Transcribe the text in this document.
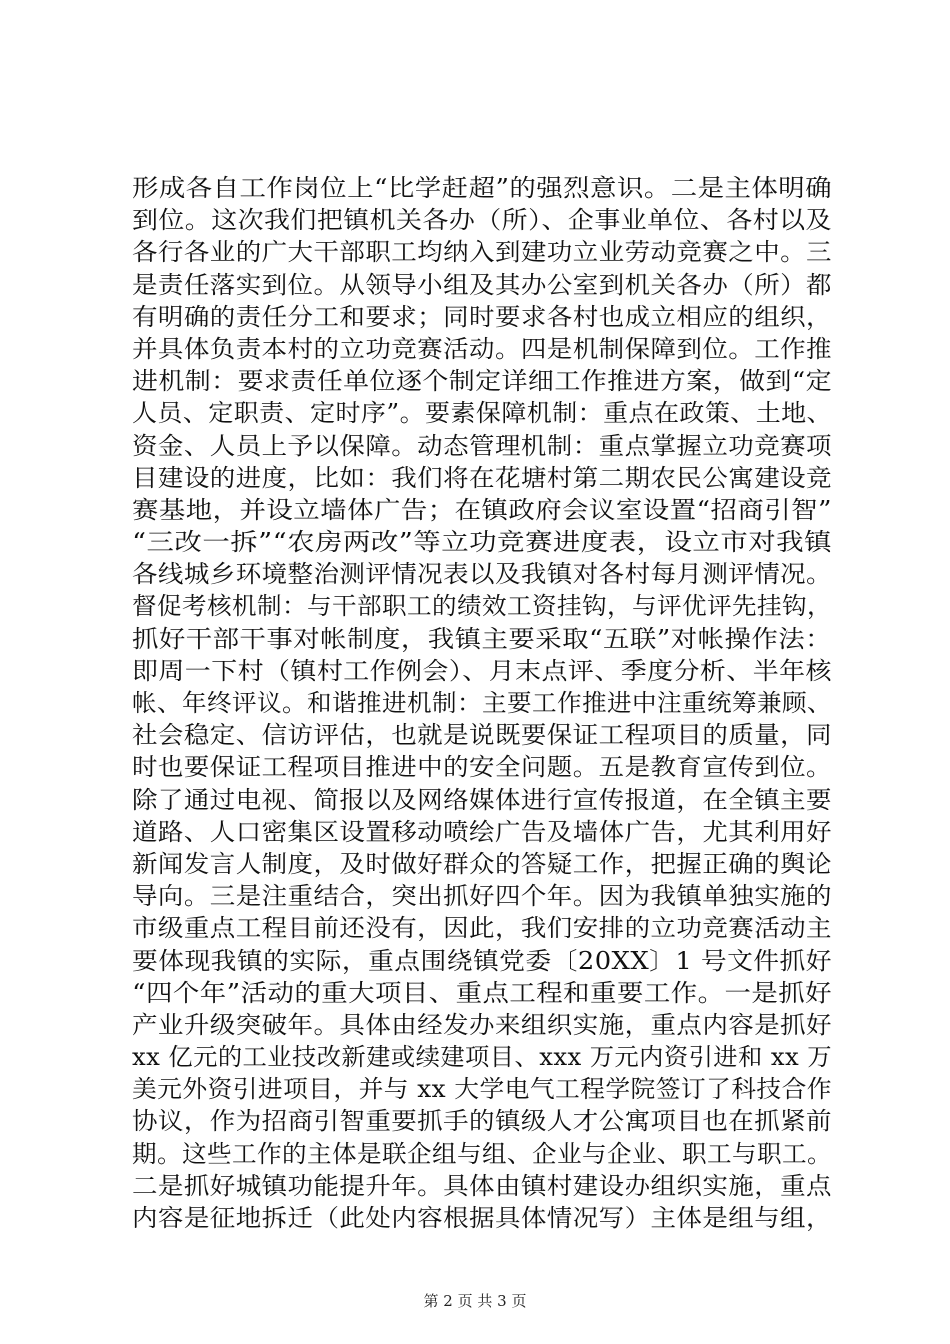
形成各自工作岗位上“比学赶超”的强烈意识。二是主体明确
到位。这次我们把镇机关各办（所）、企事业单位、各村以及
各行各业的广大干部职工均纳入到建功立业劳动竞赛之中。三
是责任落实到位。从领导小组及其办公室到机关各办（所）都
有明确的责任分工和要求；同时要求各村也成立相应的组织，
并具体负责本村的立功竞赛活动。四是机制保障到位。工作推
进机制：要求责任单位逐个制定详细工作推进方案，做到“定
人员、定职责、定时序”。要素保障机制：重点在政策、土地、
资金、人员上予以保障。动态管理机制：重点掌握立功竞赛项
目建设的进度，比如：我们将在花塘村第二期农民公寓建设竞
赛基地，并设立墙体广告；在镇政府会议室设置“招商引智”
“三改一拆”“农房两改”等立功竞赛进度表，设立市对我镇
各线城乡环境整治测评情况表以及我镇对各村每月测评情况。
督促考核机制：与干部职工的绩效工资挂钩，与评优评先挂钩，
抓好干部干事对帐制度，我镇主要采取“五联”对帐操作法：
即周一下村（镇村工作例会）、月末点评、季度分析、半年核
帐、年终评议。和谐推进机制：主要工作推进中注重统筹兼顾、
社会稳定、信访评估，也就是说既要保证工程项目的质量，同
时也要保证工程项目推进中的安全问题。五是教育宣传到位。
除了通过电视、简报以及网络媒体进行宣传报道，在全镇主要
道路、人口密集区设置移动喷绘广告及墙体广告，尤其利用好
新闻发言人制度，及时做好群众的答疑工作，把握正确的舆论
导向。三是注重结合，突出抓好四个年。因为我镇单独实施的
市级重点工程目前还没有，因此，我们安排的立功竞赛活动主
要体现我镇的实际，重点围绕镇党委〔20XX〕1 号文件抓好
“四个年”活动的重大项目、重点工程和重要工作。一是抓好
产业升级突破年。具体由经发办来组织实施，重点内容是抓好
xx 亿元的工业技改新建或续建项目、xxx 万元内资引进和 xx 万
美元外资引进项目，并与 xx 大学电气工程学院签订了科技合作
协议，作为招商引智重要抓手的镇级人才公寓项目也在抓紧前
期。这些工作的主体是联企组与组、企业与企业、职工与职工。
二是抓好城镇功能提升年。具体由镇村建设办组织实施，重点
内容是征地拆迁（此处内容根据具体情况写）主体是组与组，
第 2 页 共 3 页
